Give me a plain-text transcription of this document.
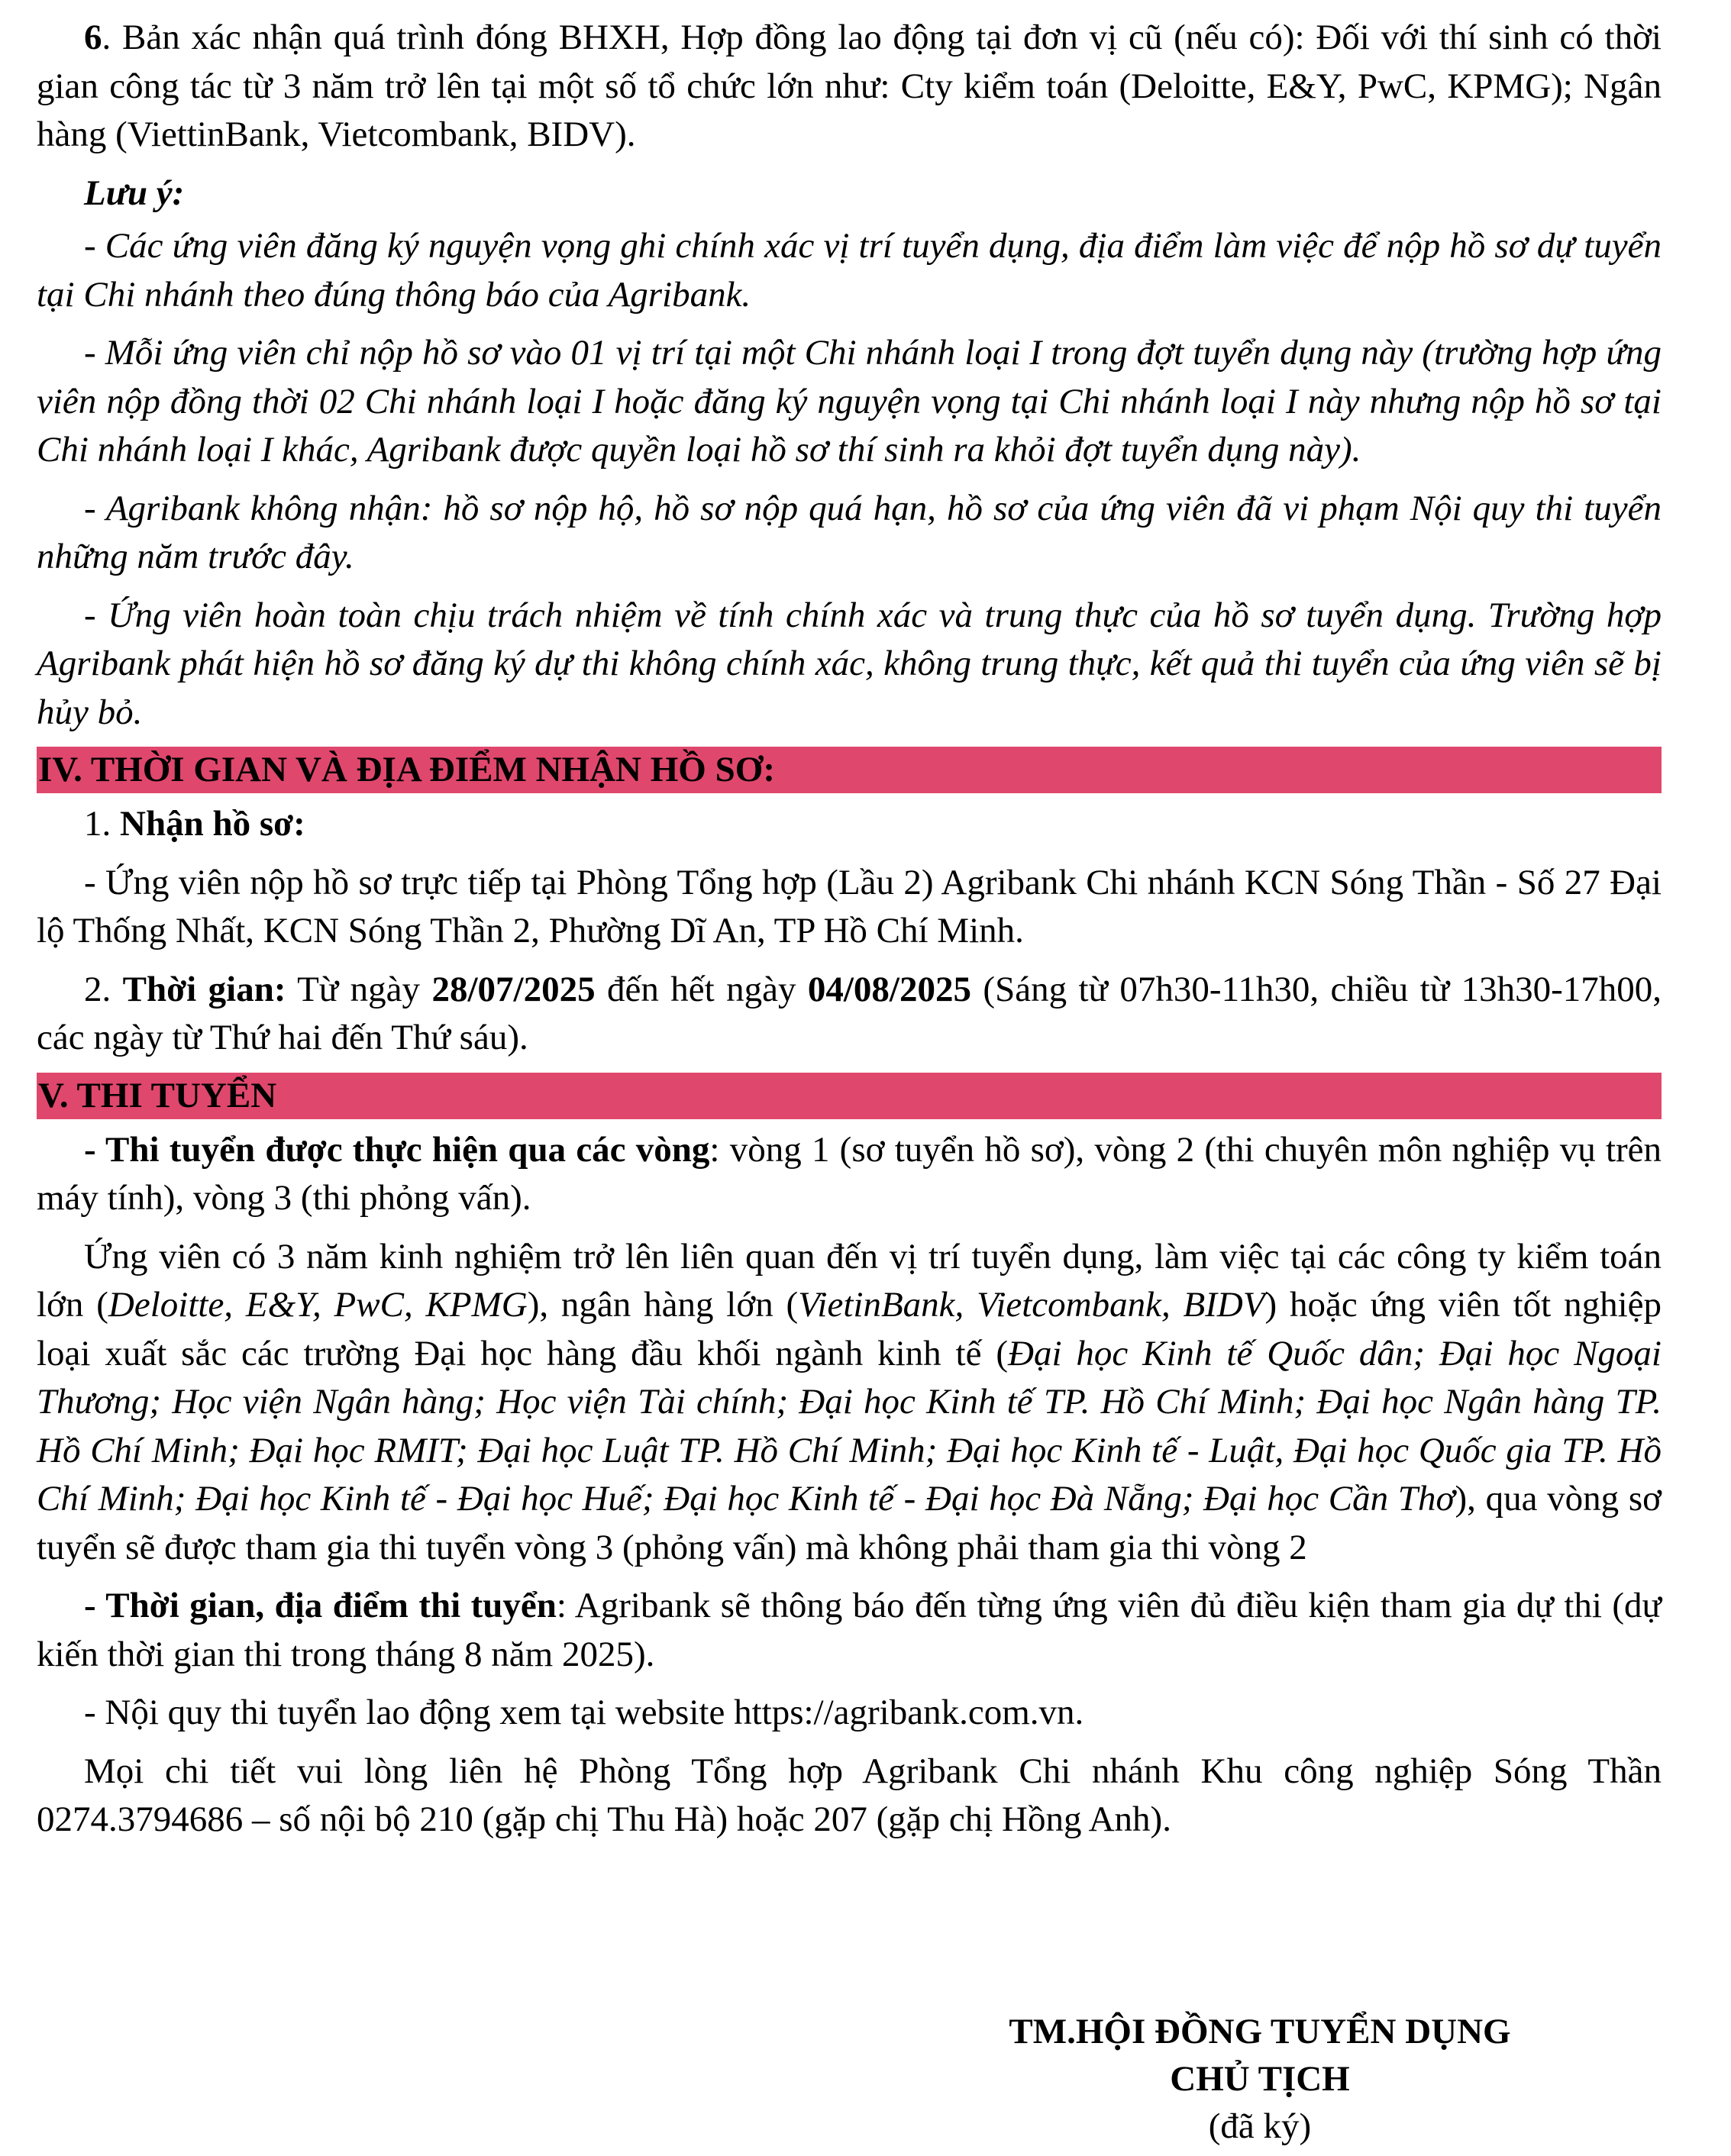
6. Bản xác nhận quá trình đóng BHXH, Hợp đồng lao động tại đơn vị cũ (nếu có): Đối với thí sinh có thời gian công tác từ 3 năm trở lên tại một số tổ chức lớn như: Cty kiểm toán (Deloitte, E&Y, PwC, KPMG); Ngân hàng (ViettinBank, Vietcombank, BIDV).

Lưu ý:

- Các ứng viên đăng ký nguyện vọng ghi chính xác vị trí tuyển dụng, địa điểm làm việc để nộp hồ sơ dự tuyển tại Chi nhánh theo đúng thông báo của Agribank.

- Mỗi ứng viên chỉ nộp hồ sơ vào 01 vị trí tại một Chi nhánh loại I trong đợt tuyển dụng này (trường hợp ứng viên nộp đồng thời 02 Chi nhánh loại I hoặc đăng ký nguyện vọng tại Chi nhánh loại I này nhưng nộp hồ sơ tại Chi nhánh loại I khác, Agribank được quyền loại hồ sơ thí sinh ra khỏi đợt tuyển dụng này).

- Agribank không nhận: hồ sơ nộp hộ, hồ sơ nộp quá hạn, hồ sơ của ứng viên đã vi phạm Nội quy thi tuyển những năm trước đây.

- Ứng viên hoàn toàn chịu trách nhiệm về tính chính xác và trung thực của hồ sơ tuyển dụng. Trường hợp Agribank phát hiện hồ sơ đăng ký dự thi không chính xác, không trung thực, kết quả thi tuyển của ứng viên sẽ bị hủy bỏ.

IV. THỜI GIAN VÀ ĐỊA ĐIỂM NHẬN HỒ SƠ:

1. Nhận hồ sơ:

- Ứng viên nộp hồ sơ trực tiếp tại Phòng Tổng hợp (Lầu 2) Agribank Chi nhánh KCN Sóng Thần - Số 27 Đại lộ Thống Nhất, KCN Sóng Thần 2, Phường Dĩ An, TP Hồ Chí Minh.

2. Thời gian: Từ ngày 28/07/2025 đến hết ngày 04/08/2025 (Sáng từ 07h30-11h30, chiều từ 13h30-17h00, các ngày từ Thứ hai đến Thứ sáu).

V. THI TUYỂN

- Thi tuyển được thực hiện qua các vòng: vòng 1 (sơ tuyển hồ sơ), vòng 2 (thi chuyên môn nghiệp vụ trên máy tính), vòng 3 (thi phỏng vấn).

Ứng viên có 3 năm kinh nghiệm trở lên liên quan đến vị trí tuyển dụng, làm việc tại các công ty kiểm toán lớn (Deloitte, E&Y, PwC, KPMG), ngân hàng lớn (VietinBank, Vietcombank, BIDV) hoặc ứng viên tốt nghiệp loại xuất sắc các trường Đại học hàng đầu khối ngành kinh tế (Đại học Kinh tế Quốc dân; Đại học Ngoại Thương; Học viện Ngân hàng; Học viện Tài chính; Đại học Kinh tế TP. Hồ Chí Minh; Đại học Ngân hàng TP. Hồ Chí Minh; Đại học RMIT; Đại học Luật TP. Hồ Chí Minh; Đại học Kinh tế - Luật, Đại học Quốc gia TP. Hồ Chí Minh; Đại học Kinh tế - Đại học Huế; Đại học Kinh tế - Đại học Đà Nẵng; Đại học Cần Thơ), qua vòng sơ tuyển sẽ được tham gia thi tuyển vòng 3 (phỏng vấn) mà không phải tham gia thi vòng 2

- Thời gian, địa điểm thi tuyển: Agribank sẽ thông báo đến từng ứng viên đủ điều kiện tham gia dự thi (dự kiến thời gian thi trong tháng 8 năm 2025).

- Nội quy thi tuyển lao động xem tại website https://agribank.com.vn.

Mọi chi tiết vui lòng liên hệ Phòng Tổng hợp Agribank Chi nhánh Khu công nghiệp Sóng Thần 0274.3794686 – số nội bộ 210 (gặp chị Thu Hà) hoặc 207 (gặp chị Hồng Anh).

TM.HỘI ĐỒNG TUYỂN DỤNG
CHỦ TỊCH
(đã ký)
